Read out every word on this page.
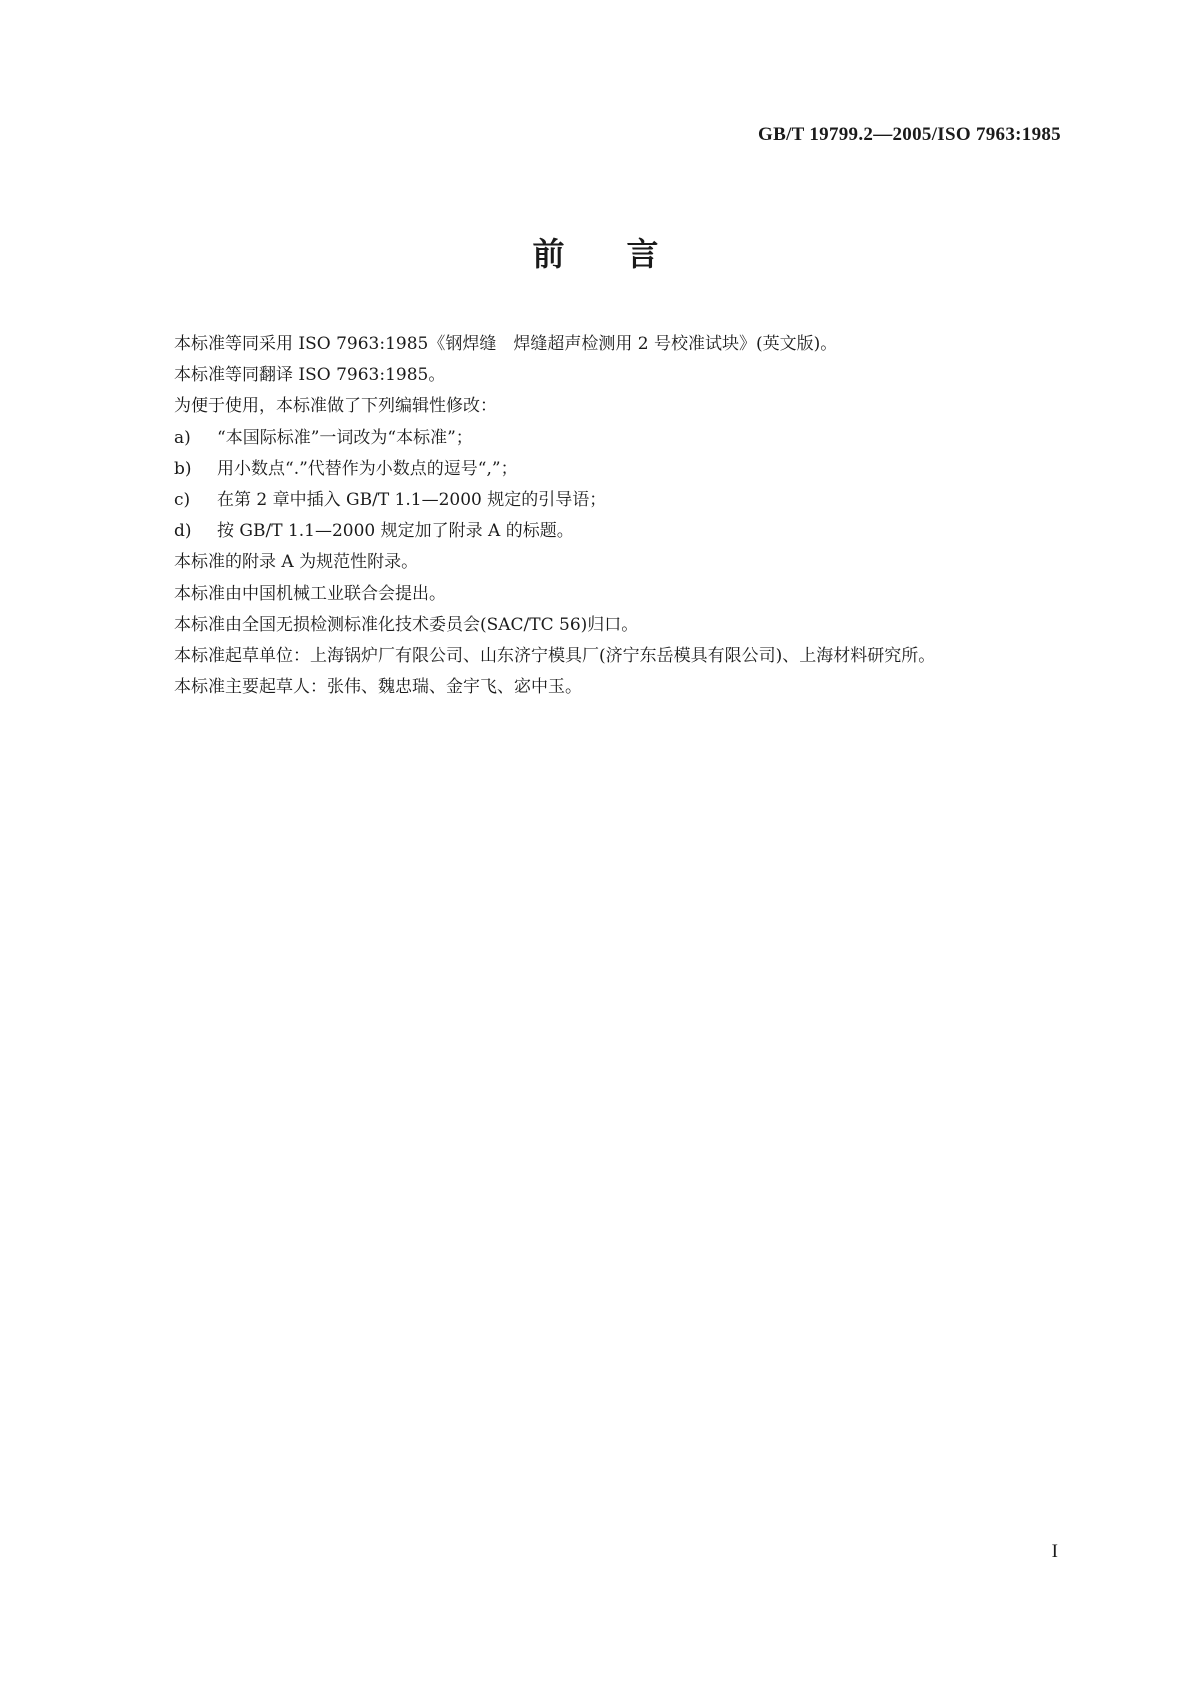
GB/T 19799.2—2005/ISO 7963:1985
前 言

本标准等同采用 ISO 7963:1985《钢焊缝　焊缝超声检测用 2 号校准试块》(英文版)。

本标准等同翻译 ISO 7963:1985。

为便于使用，本标准做了下列编辑性修改：

a) “本国际标准”一词改为“本标准”；

b) 用小数点“.”代替作为小数点的逗号“,”；

c) 在第 2 章中插入 GB/T 1.1—2000 规定的引导语；

d) 按 GB/T 1.1—2000 规定加了附录 A 的标题。

本标准的附录 A 为规范性附录。

本标准由中国机械工业联合会提出。

本标准由全国无损检测标准化技术委员会(SAC/TC 56)归口。

本标准起草单位：上海锅炉厂有限公司、山东济宁模具厂(济宁东岳模具有限公司)、上海材料研究所。

本标准主要起草人：张伟、魏忠瑞、金宇飞、宓中玉。

I
